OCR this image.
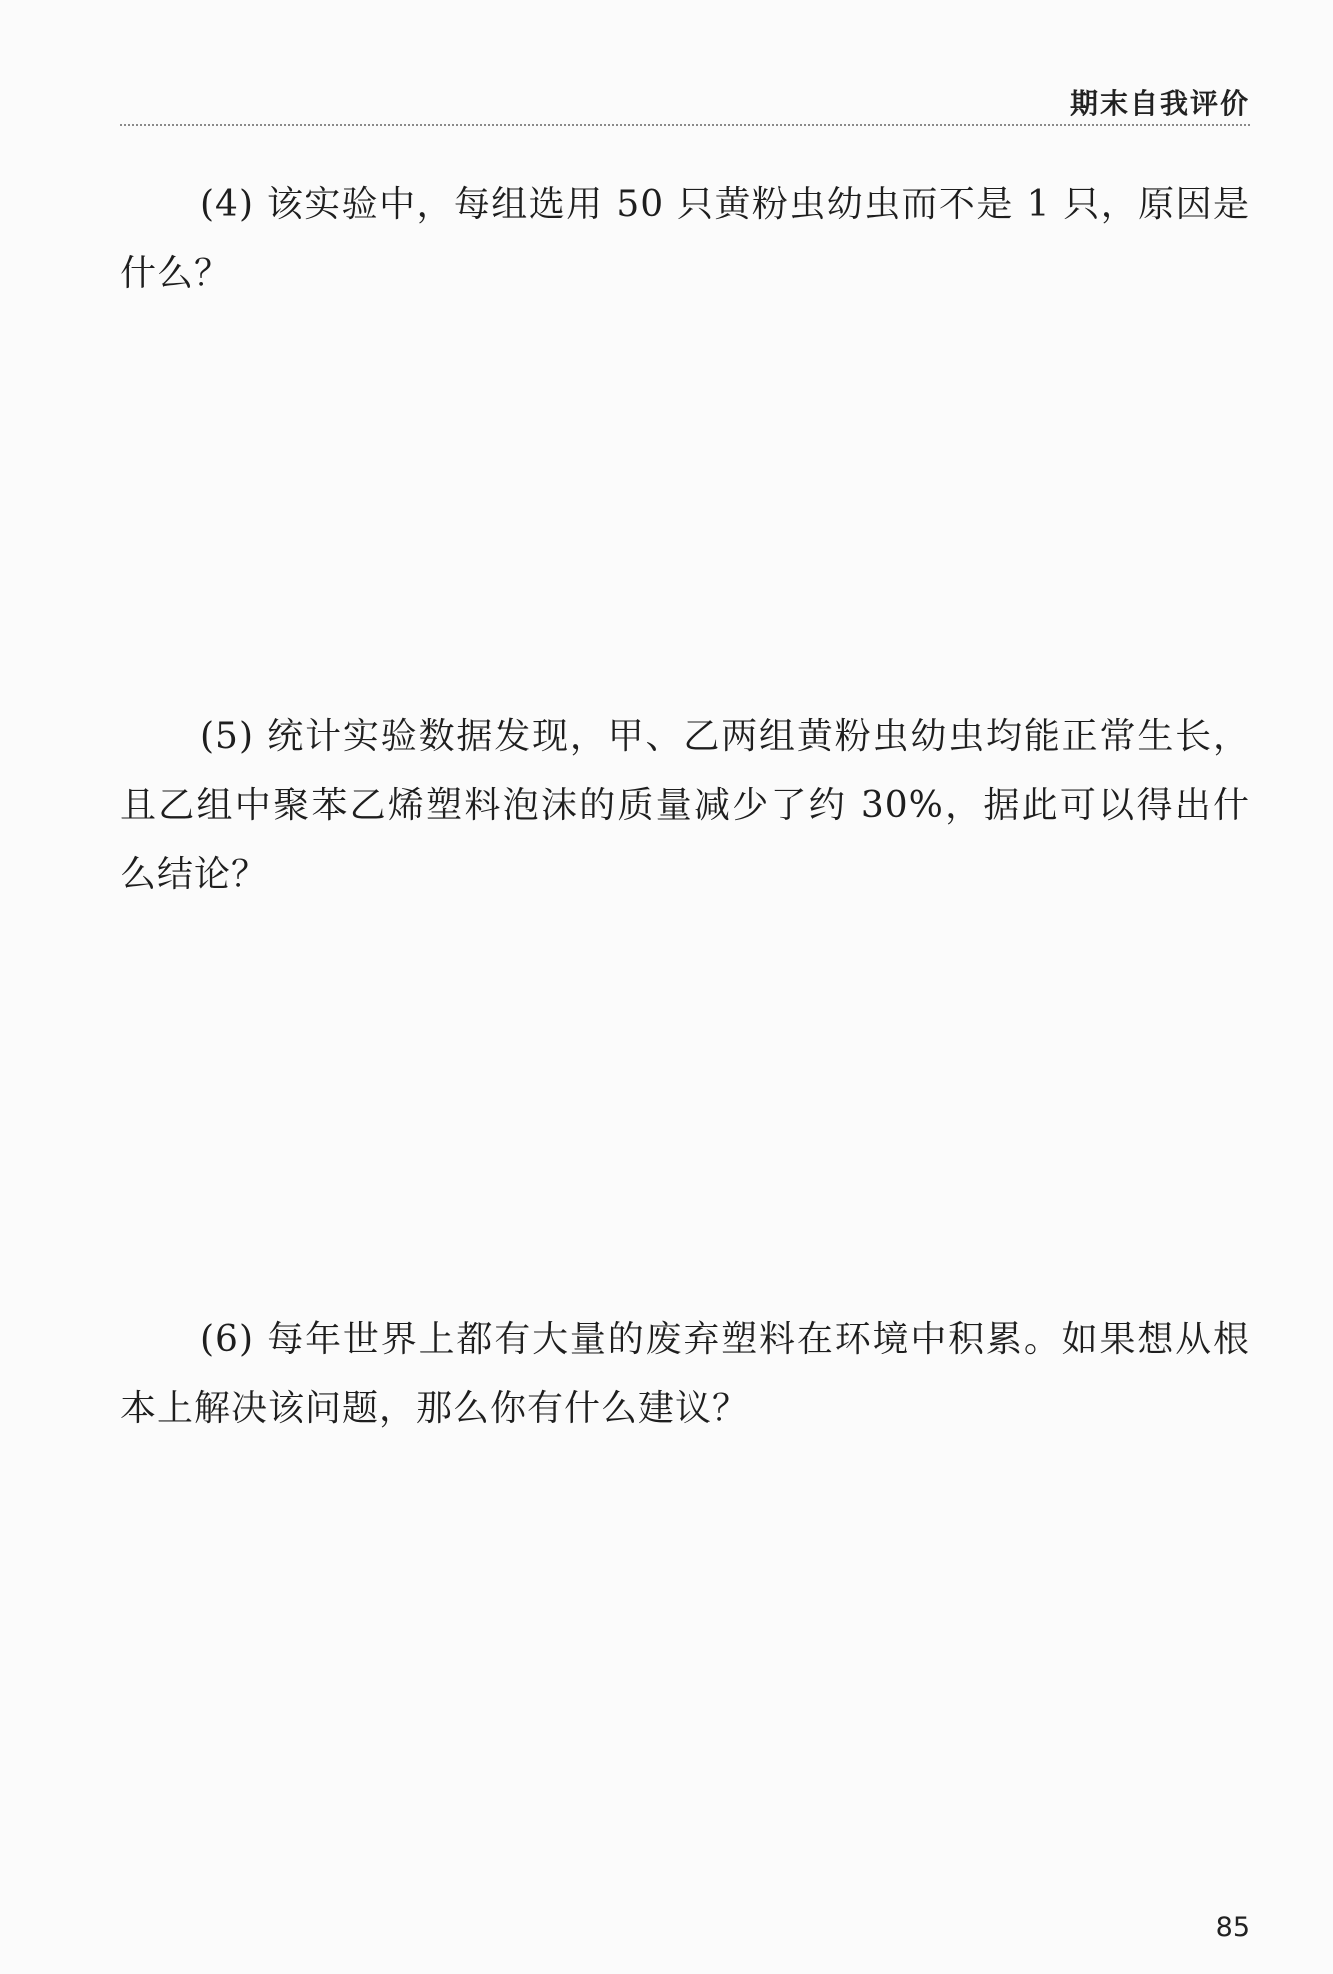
期末自我评价

(4) 该实验中，每组选用 50 只黄粉虫幼虫而不是 1 只，原因是什么？

(5) 统计实验数据发现，甲、乙两组黄粉虫幼虫均能正常生长，且乙组中聚苯乙烯塑料泡沫的质量减少了约 30%，据此可以得出什么结论？

(6) 每年世界上都有大量的废弃塑料在环境中积累。如果想从根本上解决该问题，那么你有什么建议？

85
